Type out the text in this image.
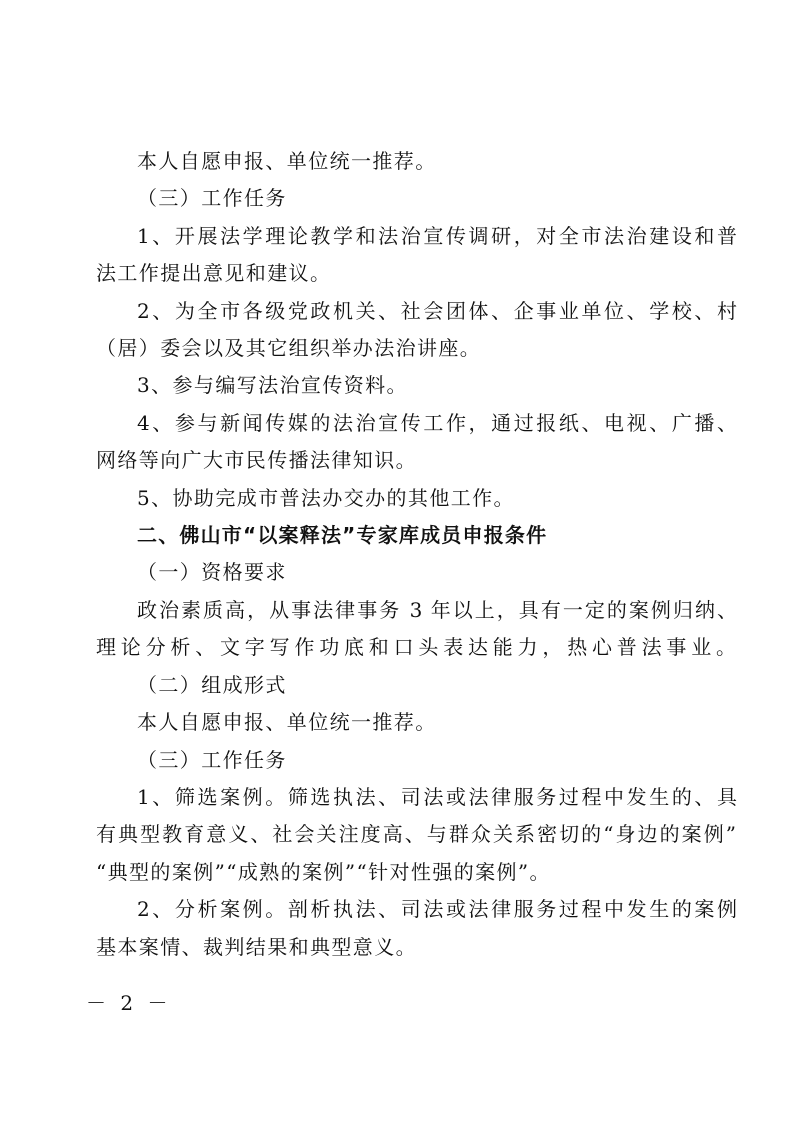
本人自愿申报、单位统一推荐。
（三）工作任务
1、开展法学理论教学和法治宣传调研，对全市法治建设和普
法工作提出意见和建议。
2、为全市各级党政机关、社会团体、企事业单位、学校、村
（居）委会以及其它组织举办法治讲座。
3、参与编写法治宣传资料。
4、参与新闻传媒的法治宣传工作，通过报纸、电视、广播、
网络等向广大市民传播法律知识。
5、协助完成市普法办交办的其他工作。
二、佛山市“以案释法”专家库成员申报条件
（一）资格要求
政治素质高，从事法律事务 3 年以上，具有一定的案例归纳、
理论分析、文字写作功底和口头表达能力，热心普法事业。
（二）组成形式
本人自愿申报、单位统一推荐。
（三）工作任务
1、筛选案例。筛选执法、司法或法律服务过程中发生的、具
有典型教育意义、社会关注度高、与群众关系密切的“身边的案例”
“典型的案例”“成熟的案例”“针对性强的案例”。
2、分析案例。剖析执法、司法或法律服务过程中发生的案例
基本案情、裁判结果和典型意义。
－ 2 －
